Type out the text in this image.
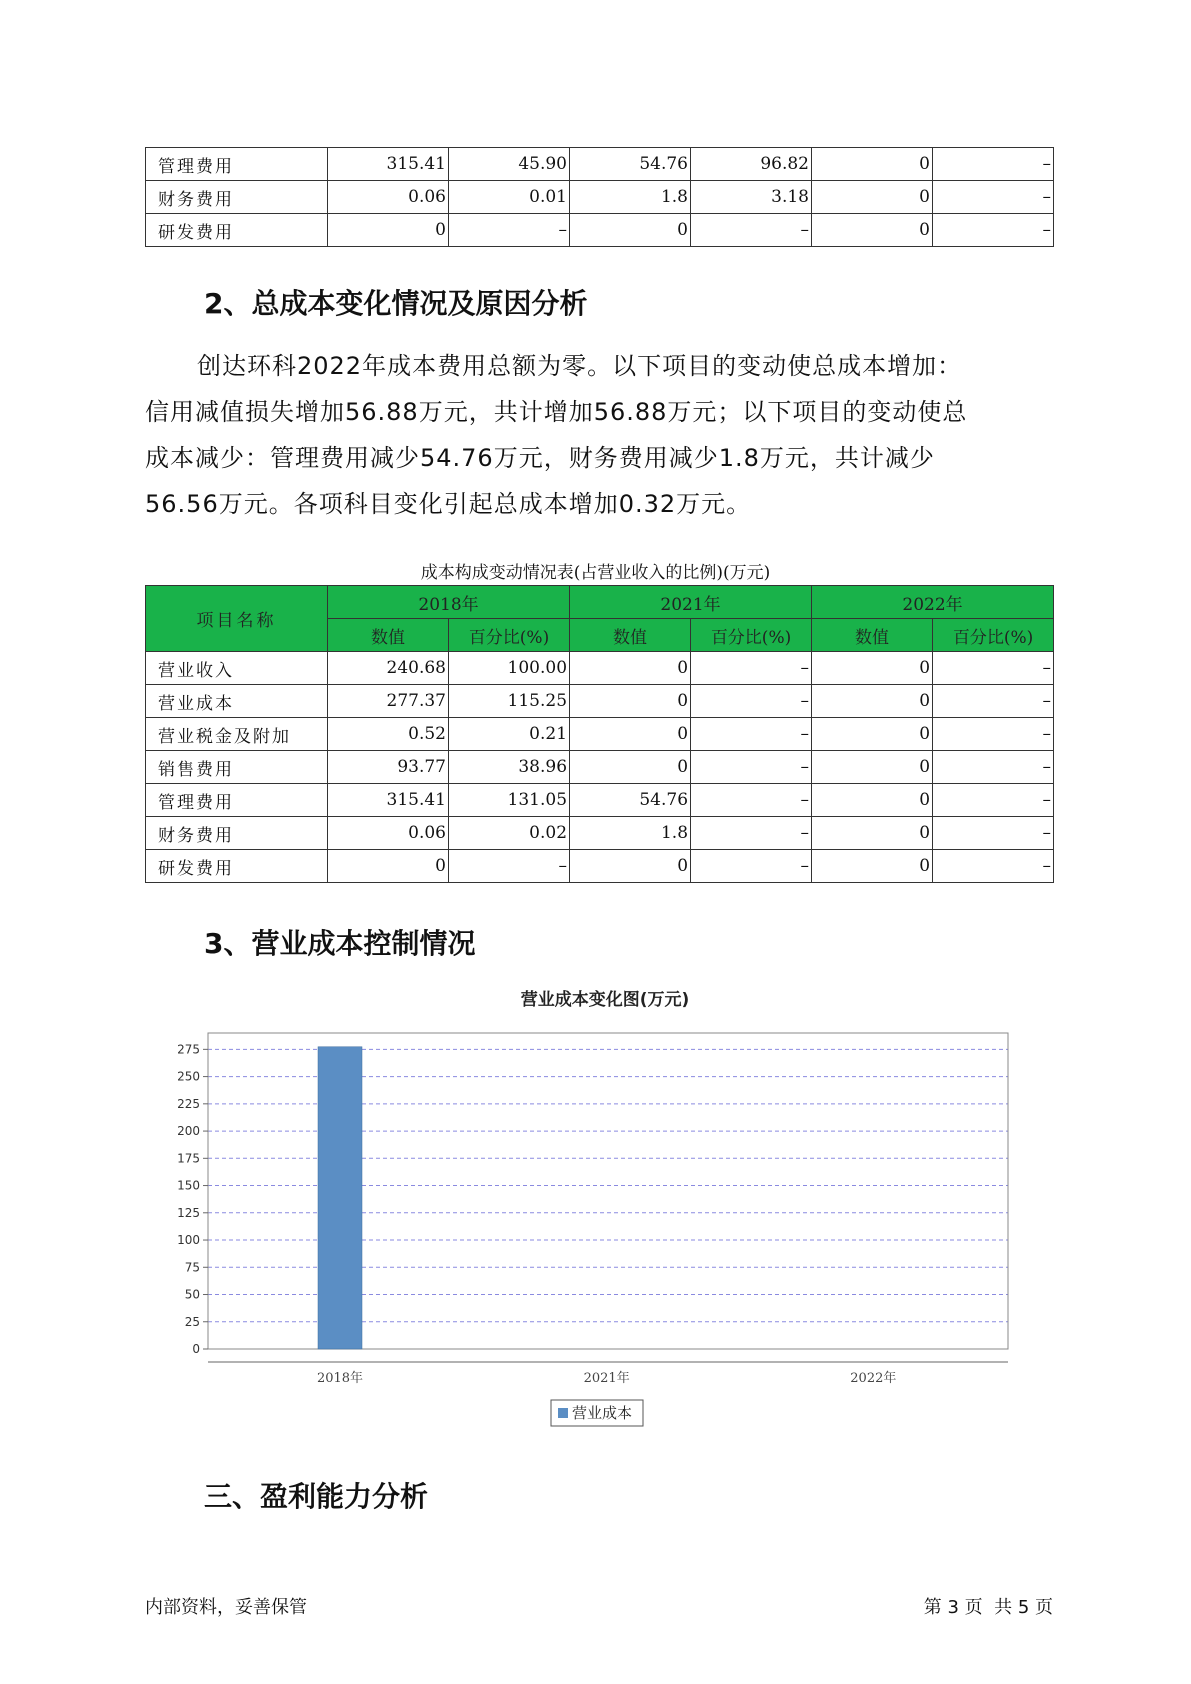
管理费用	315.41	45.90	54.76	96.82	0	–
财务费用	0.06	0.01	1.8	3.18	0	–
研发费用	0	–	0	–	0	–
2、总成本变化情况及原因分析
创达环科2022年成本费用总额为零。以下项目的变动使总成本增加：
信用减值损失增加56.88万元，共计增加56.88万元；以下项目的变动使总
成本减少：管理费用减少54.76万元，财务费用减少1.8万元，共计减少
56.56万元。各项科目变化引起总成本增加0.32万元。
成本构成变动情况表(占营业收入的比例)(万元)
项目名称	2018年		2021年		2022年	
	数值	百分比(%)	数值	百分比(%)	数值	百分比(%)
营业收入	240.68	100.00	0	–	0	–
营业成本	277.37	115.25	0	–	0	–
营业税金及附加	0.52	0.21	0	–	0	–
销售费用	93.77	38.96	0	–	0	–
管理费用	315.41	131.05	54.76	–	0	–
财务费用	0.06	0.02	1.8	–	0	–
研发费用	0	–	0	–	0	–
3、营业成本控制情况
营业成本变化图(万元)
0
25
50
75
100
125
150
175
200
225
250
275
2018年	2021年	2022年
营业成本
三、盈利能力分析
内部资料，妥善保管	第 3 页  共 5 页
